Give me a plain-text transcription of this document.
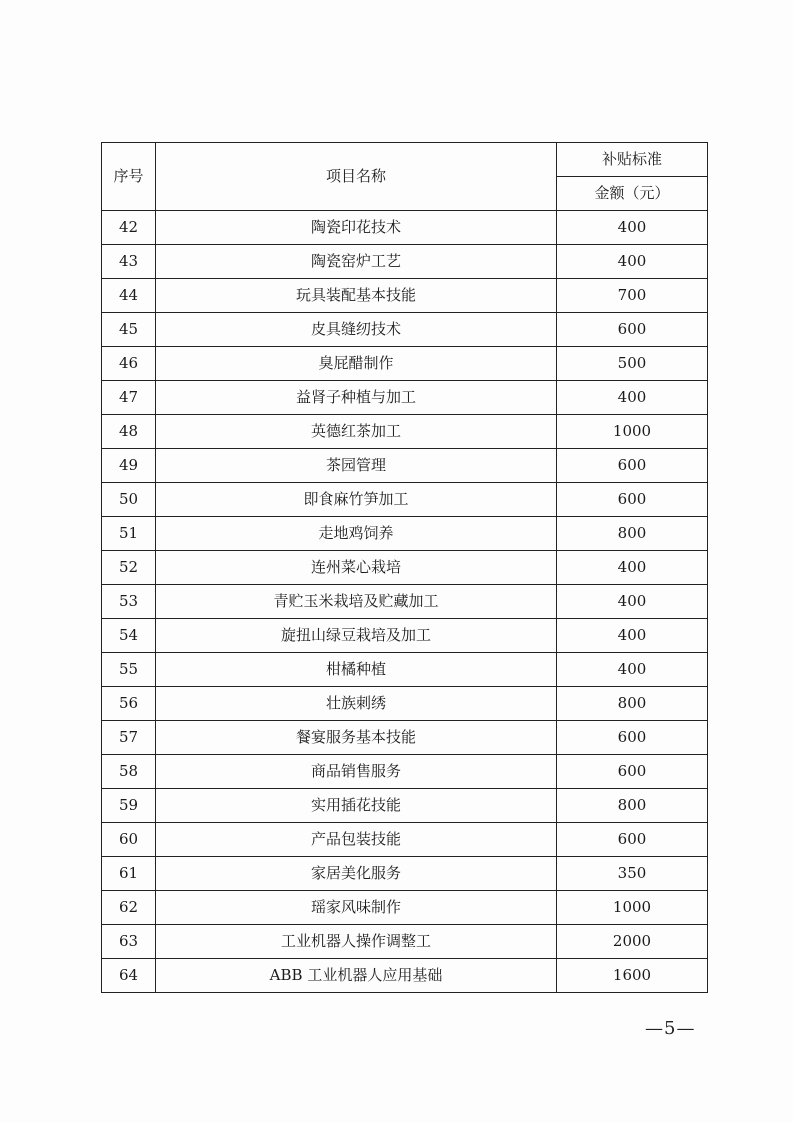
序号	项目名称	补贴标准
		金额（元）
42	陶瓷印花技术	400
43	陶瓷窑炉工艺	400
44	玩具装配基本技能	700
45	皮具缝纫技术	600
46	臭屁醋制作	500
47	益肾子种植与加工	400
48	英德红茶加工	1000
49	茶园管理	600
50	即食麻竹笋加工	600
51	走地鸡饲养	800
52	连州菜心栽培	400
53	青贮玉米栽培及贮藏加工	400
54	旋扭山绿豆栽培及加工	400
55	柑橘种植	400
56	壮族刺绣	800
57	餐宴服务基本技能	600
58	商品销售服务	600
59	实用插花技能	800
60	产品包装技能	600
61	家居美化服务	350
62	瑶家风味制作	1000
63	工业机器人操作调整工	2000
64	ABB 工业机器人应用基础	1600
—5—
